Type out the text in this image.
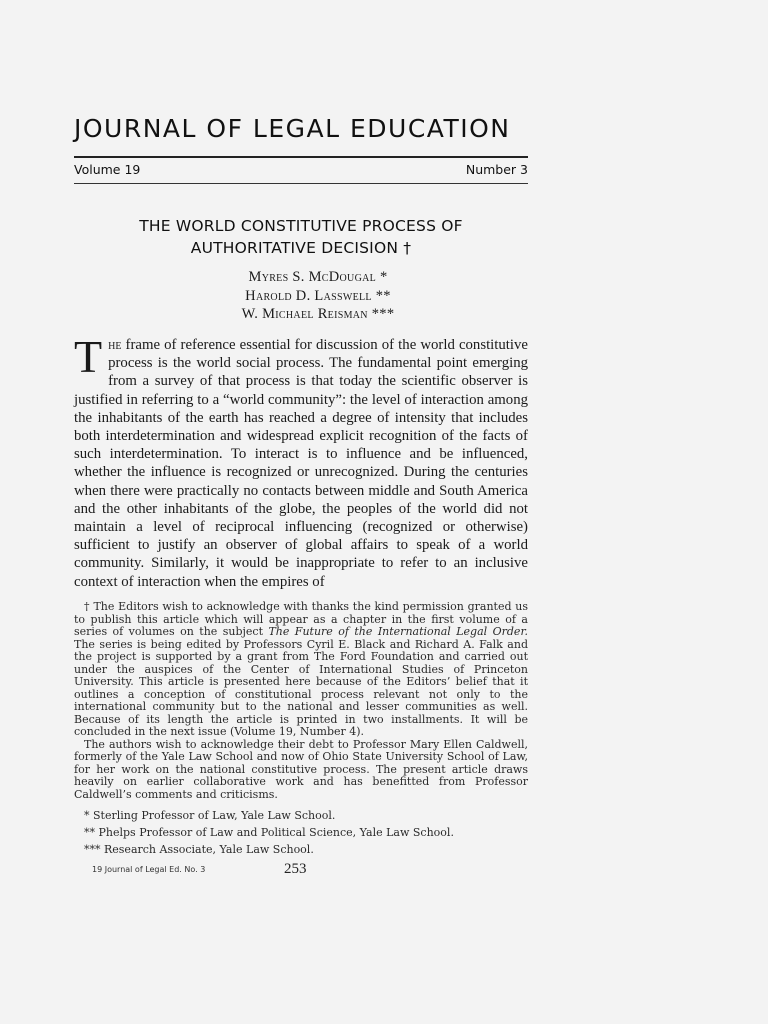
JOURNAL OF LEGAL EDUCATION
Volume 19	Number 3
THE WORLD CONSTITUTIVE PROCESS OF
AUTHORITATIVE DECISION †
Myres S. McDougal *
Harold D. Lasswell **
W. Michael Reisman ***
The frame of reference essential for discussion of the world constitutive process is the world social process. The fundamental point emerging from a survey of that process is that today the scientific observer is justified in referring to a “world community”: the level of interaction among the inhabitants of the earth has reached a degree of intensity that includes both interdetermination and widespread explicit recognition of the facts of such interdetermination. To interact is to influence and be influenced, whether the influence is recognized or unrecognized. During the centuries when there were practically no contacts between middle and South America and the other inhabitants of the globe, the peoples of the world did not maintain a level of reciprocal influencing (recognized or otherwise) sufficient to justify an observer of global affairs to speak of a world community. Similarly, it would be inappropriate to refer to an inclusive context of interaction when the empires of

† The Editors wish to acknowledge with thanks the kind permission granted us to publish this article which will appear as a chapter in the first volume of a series of volumes on the subject The Future of the International Legal Order. The series is being edited by Professors Cyril E. Black and Richard A. Falk and the project is supported by a grant from The Ford Foundation and carried out under the auspices of the Center of International Studies of Princeton University. This article is presented here because of the Editors’ belief that it outlines a conception of constitutional process relevant not only to the international community but to the national and lesser communities as well. Because of its length the article is printed in two installments. It will be concluded in the next issue (Volume 19, Number 4).

The authors wish to acknowledge their debt to Professor Mary Ellen Caldwell, formerly of the Yale Law School and now of Ohio State University School of Law, for her work on the national constitutive process. The present article draws heavily on earlier collaborative work and has benefitted from Professor Caldwell’s comments and criticisms.

* Sterling Professor of Law, Yale Law School.

** Phelps Professor of Law and Political Science, Yale Law School.

*** Research Associate, Yale Law School.

19 Journal of Legal Ed. No. 3	253
